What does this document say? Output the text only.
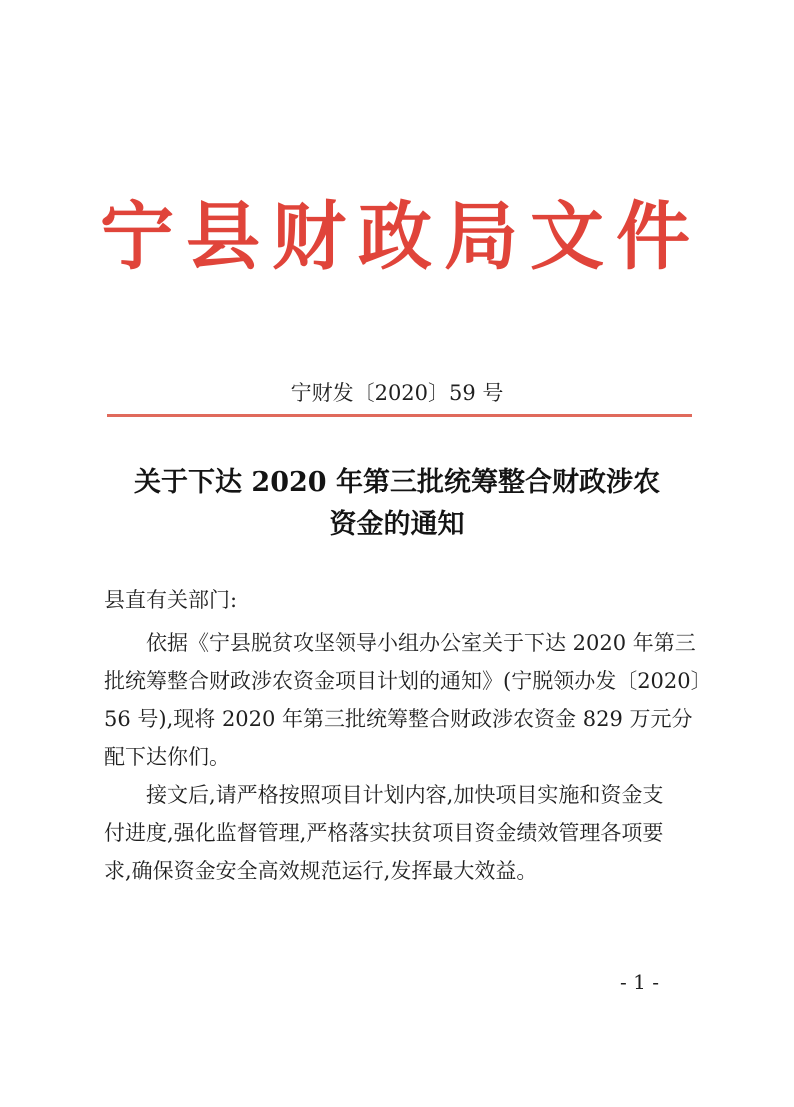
宁县财政局文件
宁财发〔2020〕59 号
关于下达 2020 年第三批统筹整合财政涉农
资金的通知
县直有关部门:
依据《宁县脱贫攻坚领导小组办公室关于下达 2020 年第三
批统筹整合财政涉农资金项目计划的通知》(宁脱领办发〔2020〕
56 号),现将 2020 年第三批统筹整合财政涉农资金 829 万元分
配下达你们。
接文后,请严格按照项目计划内容,加快项目实施和资金支
付进度,强化监督管理,严格落实扶贫项目资金绩效管理各项要
求,确保资金安全高效规范运行,发挥最大效益。
- 1 -
